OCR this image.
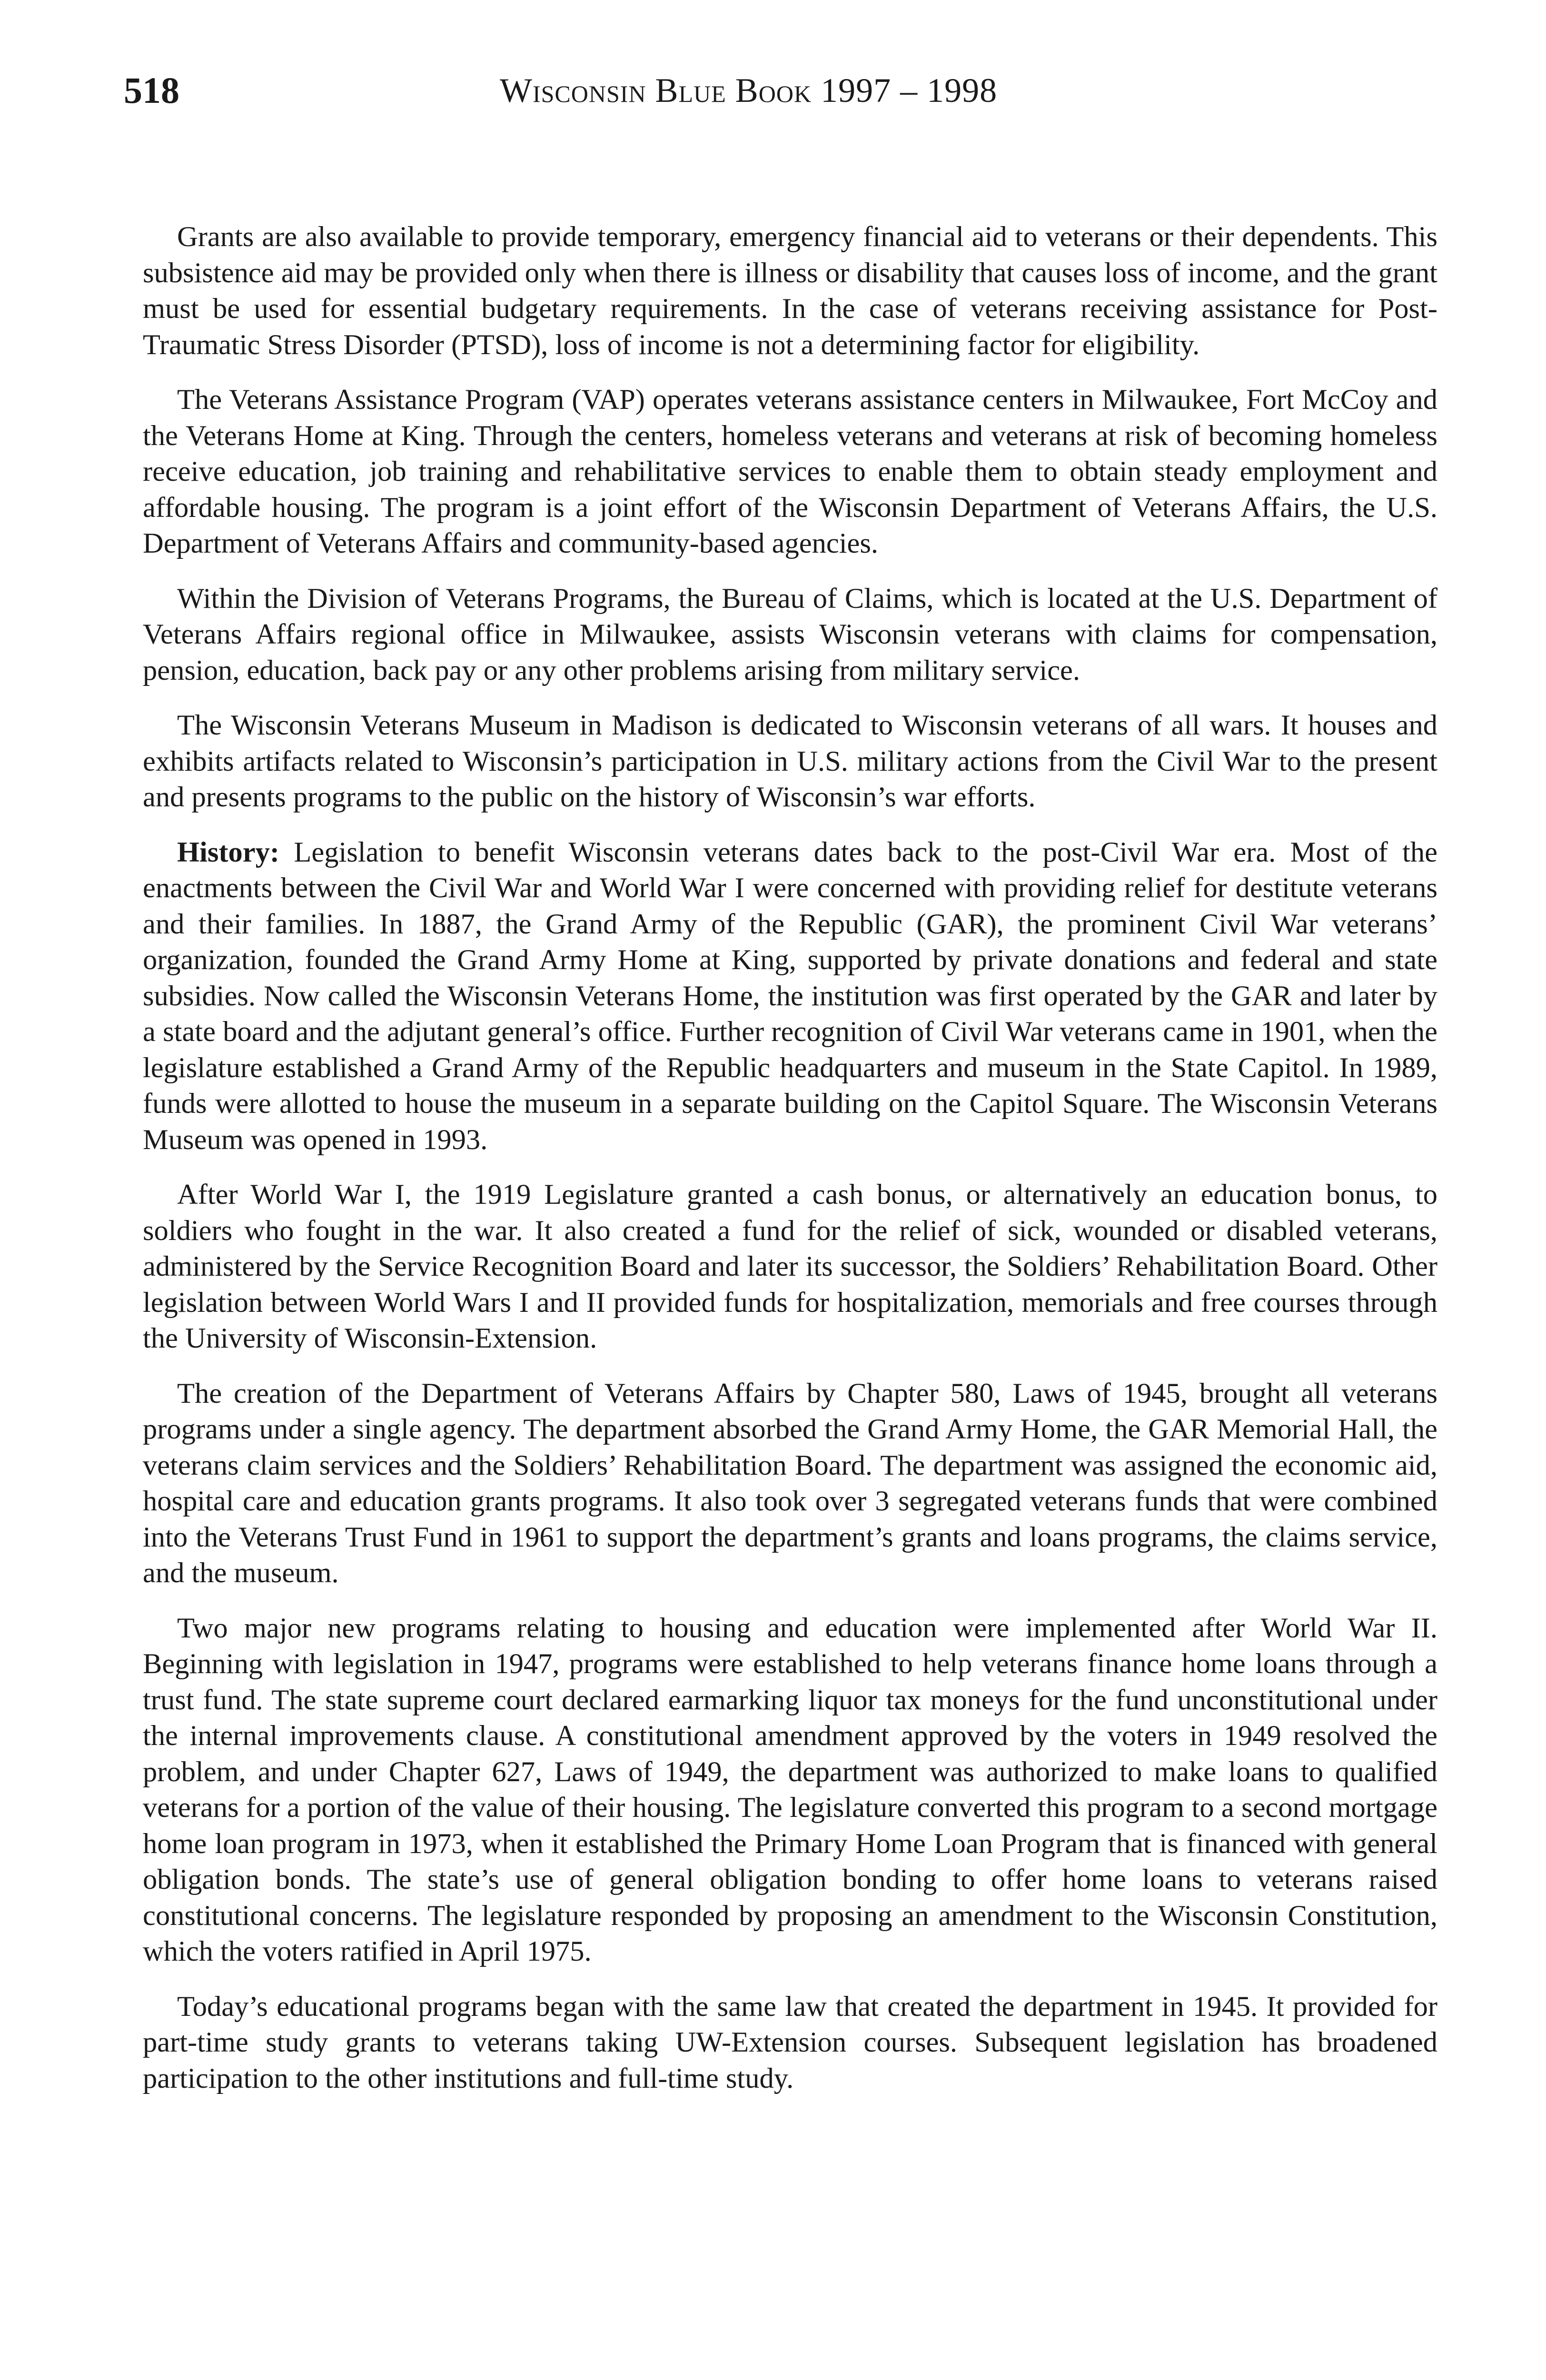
518	Wisconsin Blue Book 1997 – 1998

Grants are also available to provide temporary, emergency financial aid to veterans or their dependents. This subsistence aid may be provided only when there is illness or disability that causes loss of income, and the grant must be used for essential budgetary requirements. In the case of veterans receiving assistance for Post-Traumatic Stress Disorder (PTSD), loss of income is not a determining factor for eligibility.

The Veterans Assistance Program (VAP) operates veterans assistance centers in Milwaukee, Fort McCoy and the Veterans Home at King. Through the centers, homeless veterans and veterans at risk of becoming homeless receive education, job training and rehabilitative services to enable them to obtain steady employment and affordable housing. The program is a joint effort of the Wisconsin Department of Veterans Affairs, the U.S. Department of Veterans Affairs and community-based agencies.

Within the Division of Veterans Programs, the Bureau of Claims, which is located at the U.S. Department of Veterans Affairs regional office in Milwaukee, assists Wisconsin veterans with claims for compensation, pension, education, back pay or any other problems arising from military service.

The Wisconsin Veterans Museum in Madison is dedicated to Wisconsin veterans of all wars. It houses and exhibits artifacts related to Wisconsin’s participation in U.S. military actions from the Civil War to the present and presents programs to the public on the history of Wisconsin’s war efforts.

History: Legislation to benefit Wisconsin veterans dates back to the post-Civil War era. Most of the enactments between the Civil War and World War I were concerned with providing relief for destitute veterans and their families. In 1887, the Grand Army of the Republic (GAR), the prominent Civil War veterans’ organization, founded the Grand Army Home at King, supported by private donations and federal and state subsidies. Now called the Wisconsin Veterans Home, the institution was first operated by the GAR and later by a state board and the adjutant general’s office. Further recognition of Civil War veterans came in 1901, when the legislature established a Grand Army of the Republic headquarters and museum in the State Capitol. In 1989, funds were allotted to house the museum in a separate building on the Capitol Square. The Wisconsin Veterans Museum was opened in 1993.

After World War I, the 1919 Legislature granted a cash bonus, or alternatively an education bonus, to soldiers who fought in the war. It also created a fund for the relief of sick, wounded or disabled veterans, administered by the Service Recognition Board and later its successor, the Soldiers’ Rehabilitation Board. Other legislation between World Wars I and II provided funds for hospitalization, memorials and free courses through the University of Wisconsin-Extension.

The creation of the Department of Veterans Affairs by Chapter 580, Laws of 1945, brought all veterans programs under a single agency. The department absorbed the Grand Army Home, the GAR Memorial Hall, the veterans claim services and the Soldiers’ Rehabilitation Board. The department was assigned the economic aid, hospital care and education grants programs. It also took over 3 segregated veterans funds that were combined into the Veterans Trust Fund in 1961 to support the department’s grants and loans programs, the claims service, and the museum.

Two major new programs relating to housing and education were implemented after World War II. Beginning with legislation in 1947, programs were established to help veterans finance home loans through a trust fund. The state supreme court declared earmarking liquor tax moneys for the fund unconstitutional under the internal improvements clause. A constitutional amendment approved by the voters in 1949 resolved the problem, and under Chapter 627, Laws of 1949, the department was authorized to make loans to qualified veterans for a portion of the value of their housing. The legislature converted this program to a second mortgage home loan program in 1973, when it established the Primary Home Loan Program that is financed with general obligation bonds. The state’s use of general obligation bonding to offer home loans to veterans raised constitutional concerns. The legislature responded by proposing an amendment to the Wisconsin Constitution, which the voters ratified in April 1975.

Today’s educational programs began with the same law that created the department in 1945. It provided for part-time study grants to veterans taking UW-Extension courses. Subsequent legislation has broadened participation to the other institutions and full-time study.
